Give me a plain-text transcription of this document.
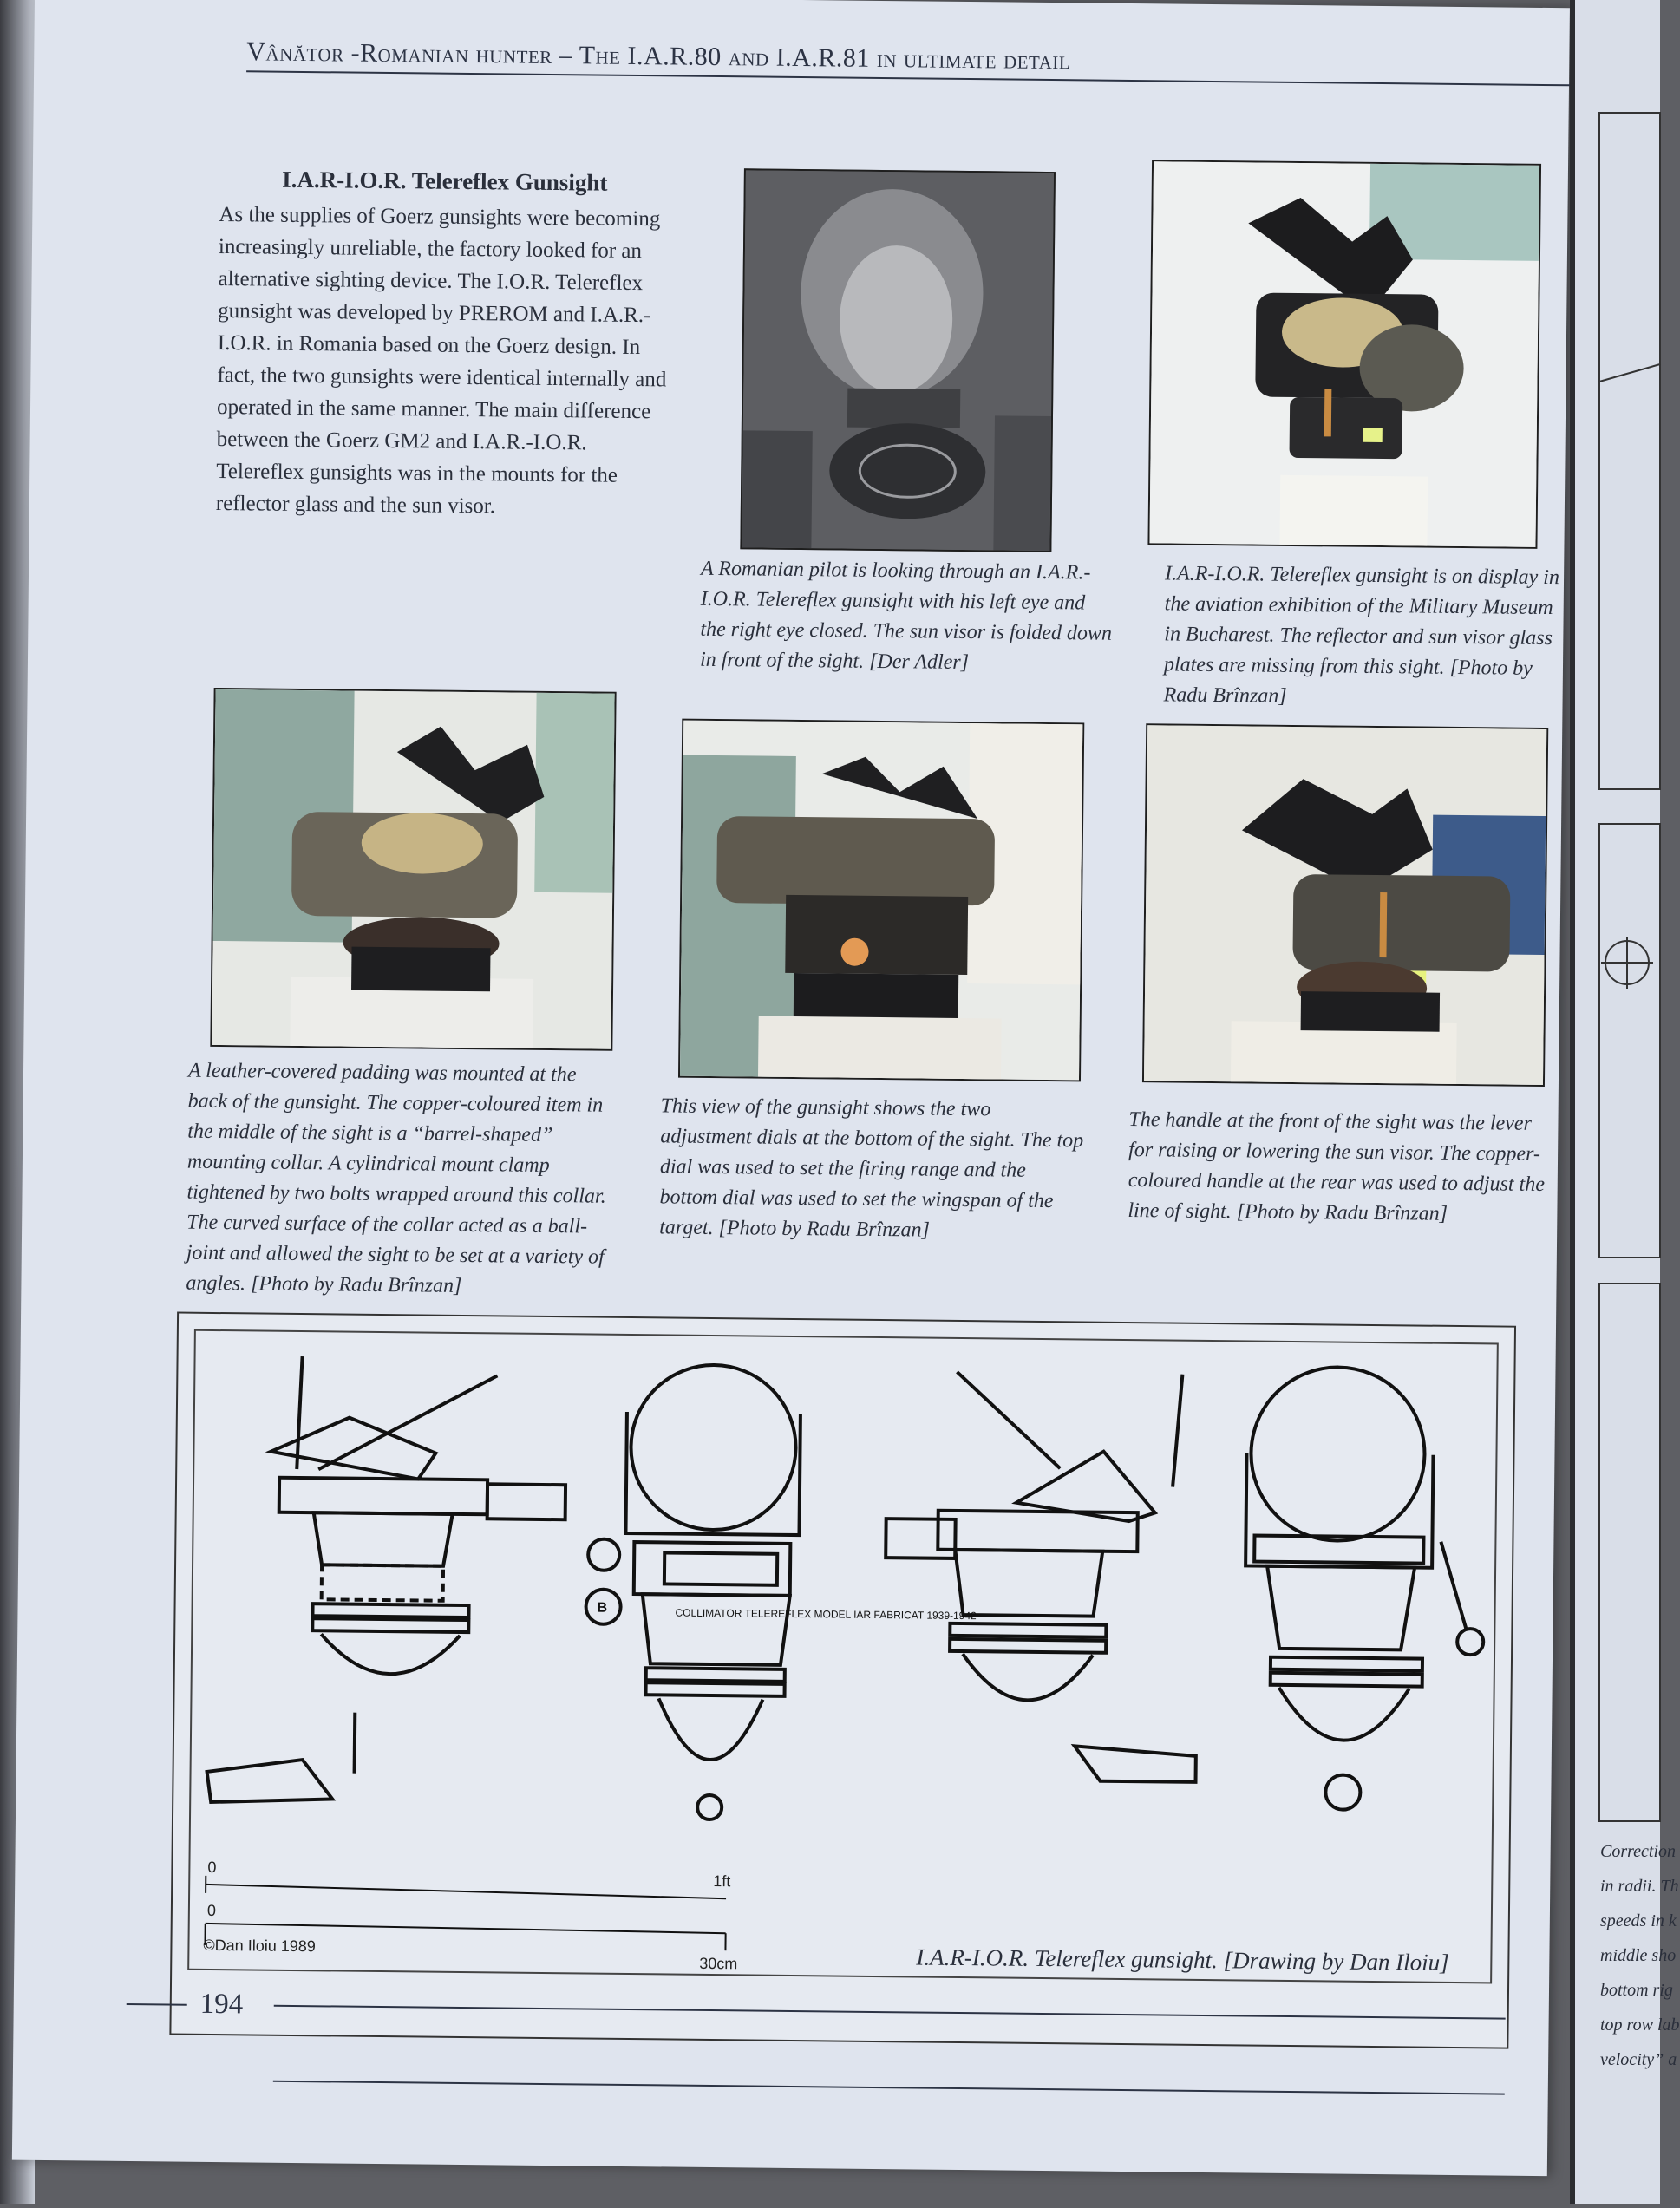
Vânător -Romanian hunter – The I.A.R.80 and I.A.R.81 in ultimate detail
I.A.R-I.O.R. Telereflex Gunsight

As the supplies of Goerz gunsights were becoming increasingly unreliable, the factory looked for an alternative sighting device. The I.O.R. Telereflex gunsight was developed by PREROM and I.A.R.-I.O.R. in Romania based on the Goerz design. In fact, the two gunsights were identical internally and operated in the same manner. The main difference between the Goerz GM2 and I.A.R.-I.O.R. Telereflex gunsights was in the mounts for the reflector glass and the sun visor.

A Romanian pilot is looking through an I.A.R.-I.O.R. Telereflex gunsight with his left eye and the right eye closed. The sun visor is folded down in front of the sight. [Der Adler]
I.A.R-I.O.R. Telereflex gunsight is on display in the aviation exhibition of the Military Museum in Bucharest. The reflector and sun visor glass plates are missing from this sight. [Photo by Radu Brînzan]
A leather-covered padding was mounted at the back of the gunsight. The copper-coloured item in the middle of the sight is a “barrel-shaped” mounting collar. A cylindrical mount clamp tightened by two bolts wrapped around this collar. The curved surface of the collar acted as a ball-joint and allowed the sight to be set at a variety of angles. [Photo by Radu Brînzan]
This view of the gunsight shows the two adjustment dials at the bottom of the sight. The top dial was used to set the firing range and the bottom dial was used to set the wingspan of the target. [Photo by Radu Brînzan]
The handle at the front of the sight was the lever for raising or lowering the sun visor. The copper-coloured handle at the rear was used to adjust the line of sight. [Photo by Radu Brînzan]
COLLIMATOR TELEREFLEX MODEL IAR FABRICAT 1939-1942
B
0
1ft
0
©Dan Iloiu 1989
30cm	I.A.R-I.O.R. Telereflex gunsight. [Drawing by Dan Iloiu]
194
Correction
in radii. Th
speeds in k
middle sho
bottom rig
top row lab
velocity” a
